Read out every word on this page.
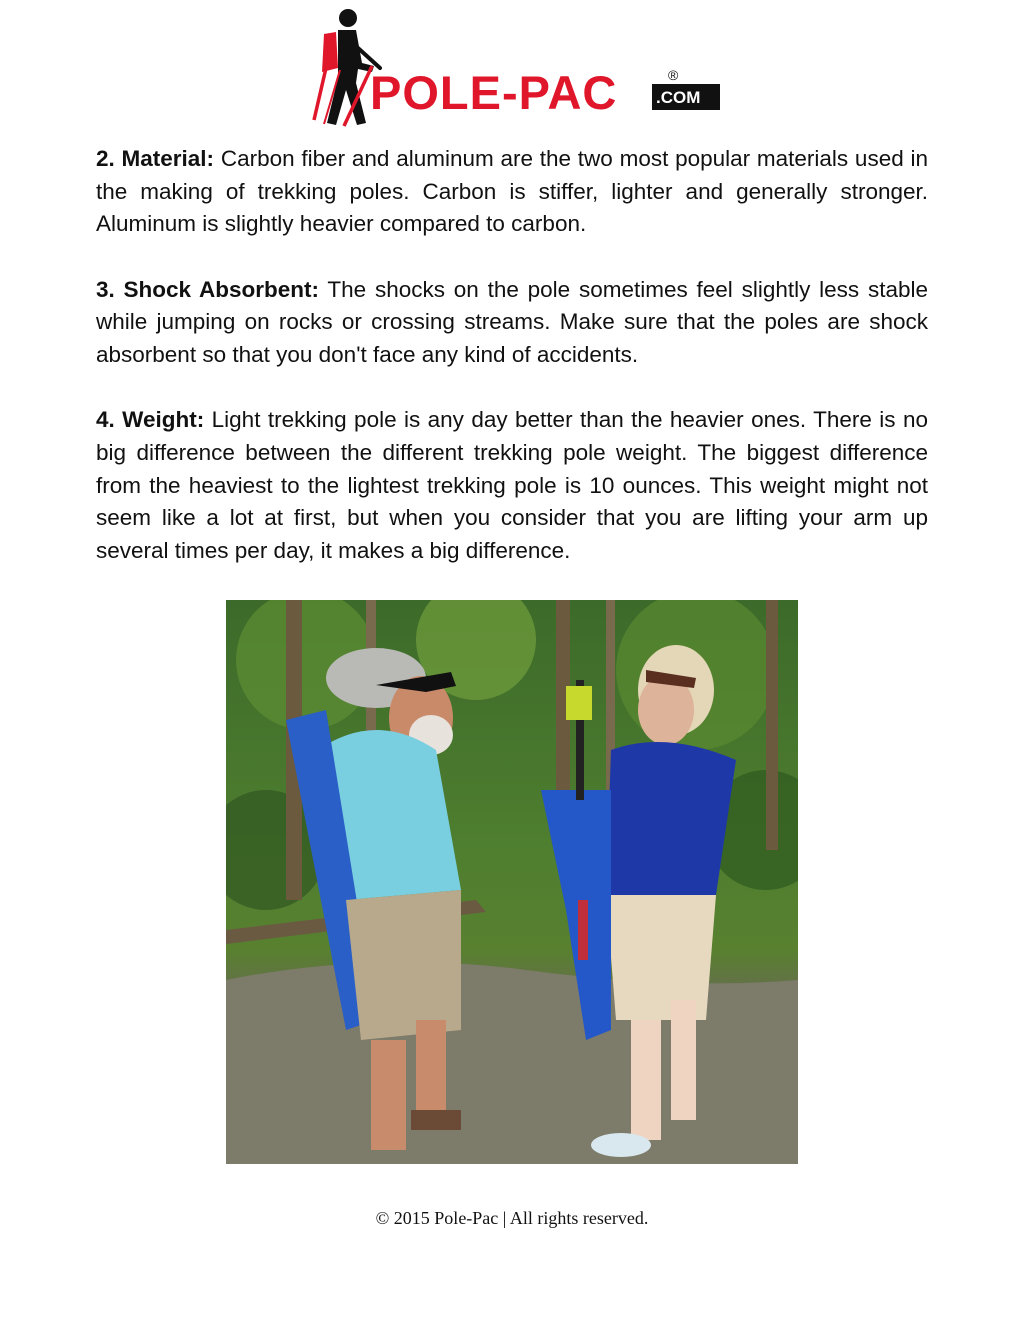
POLE-PAC .COM
®

2. Material: Carbon fiber and aluminum are the two most popular materials used in the making of trekking poles. Carbon is stiffer, lighter and generally stronger. Aluminum is slightly heavier compared to carbon.

3. Shock Absorbent: The shocks on the pole sometimes feel slightly less stable while jumping on rocks or crossing streams. Make sure that the poles are shock absorbent so that you don't face any kind of accidents.

4. Weight: Light trekking pole is any day better than the heavier ones. There is no big difference between the different trekking pole weight. The biggest difference from the heaviest to the lightest trekking pole is 10 ounces. This weight might not seem like a lot at first, but when you consider that you are lifting your arm up several times per day, it makes a big difference.

© 2015 Pole-Pac | All rights reserved.
